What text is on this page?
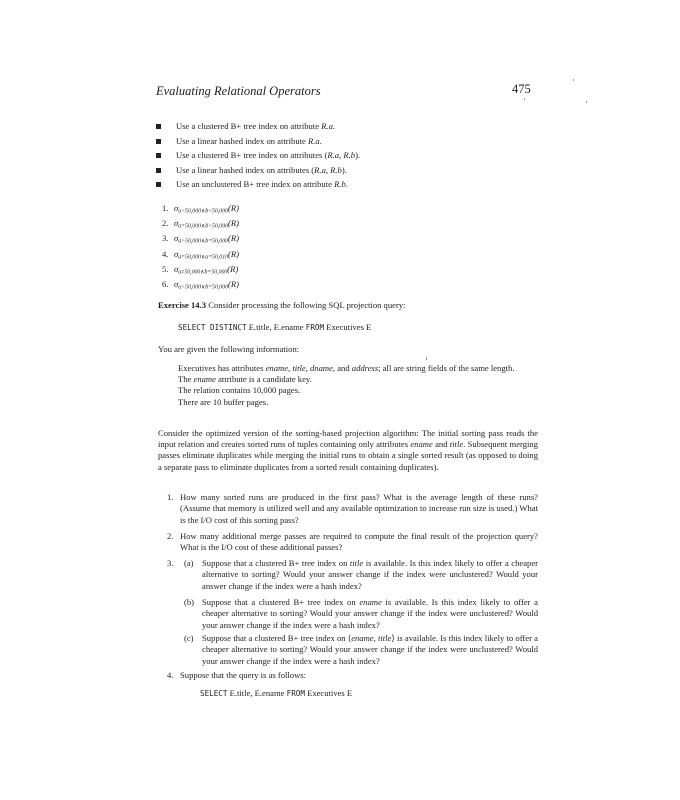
Evaluating Relational Operators	475
Use a clustered B+ tree index on attribute R.a.
Use a linear hashed index on attribute R.a.
Use a clustered B+ tree index on attributes (R.a, R.b).
Use a linear hashed index on attributes (R.a, R.b).
Use an unclustered B+ tree index on attribute R.b.
1. $\sigma_{a<50,000\wedge b<50,000}(R)$
2. $\sigma_{a=50,000\wedge b<50,000}(R)$
3. $\sigma_{a>50,000\wedge b=50,000}(R)$
4. $\sigma_{a=50,000\wedge a=50,010}(R)$
5. $\sigma_{a\ne 50,000\wedge b=50,000}(R)$
6. $\sigma_{a<50,000\vee b=50,000}(R)$
Exercise 14.3 Consider processing the following SQL projection query:
SELECT DISTINCT E.title, E.ename FROM Executives E
You are given the following information:
Executives has attributes ename, title, dname, and address; all are string fields of the same length.
The ename attribute is a candidate key.
The relation contains 10,000 pages.
There are 10 buffer pages.
Consider the optimized version of the sorting-based projection algorithm: The initial sorting pass reads the input relation and creates sorted runs of tuples containing only attributes ename and title. Subsequent merging passes eliminate duplicates while merging the initial runs to obtain a single sorted result (as opposed to doing a separate pass to eliminate duplicates from a sorted result containing duplicates).
1. How many sorted runs are produced in the first pass? What is the average length of these runs? (Assume that memory is utilized well and any available optimization to increase run size is used.) What is the I/O cost of this sorting pass?
2. How many additional merge passes are required to compute the final result of the projection query? What is the I/O cost of these additional passes?
3. (a) Suppose that a clustered B+ tree index on title is available. Is this index likely to offer a cheaper alternative to sorting? Would your answer change if the index were unclustered? Would your answer change if the index were a hash index?
(b) Suppose that a clustered B+ tree index on ename is available. Is this index likely to offer a cheaper alternative to sorting? Would your answer change if the index were unclustered? Would your answer change if the index were a hash index?
(c) Suppose that a clustered B+ tree index on ⟨ename, title⟩ is available. Is this index likely to offer a cheaper alternative to sorting? Would your answer change if the index were unclustered? Would your answer change if the index were a hash index?
4. Suppose that the query is as follows:
SELECT E.title, E.ename FROM Executives E
